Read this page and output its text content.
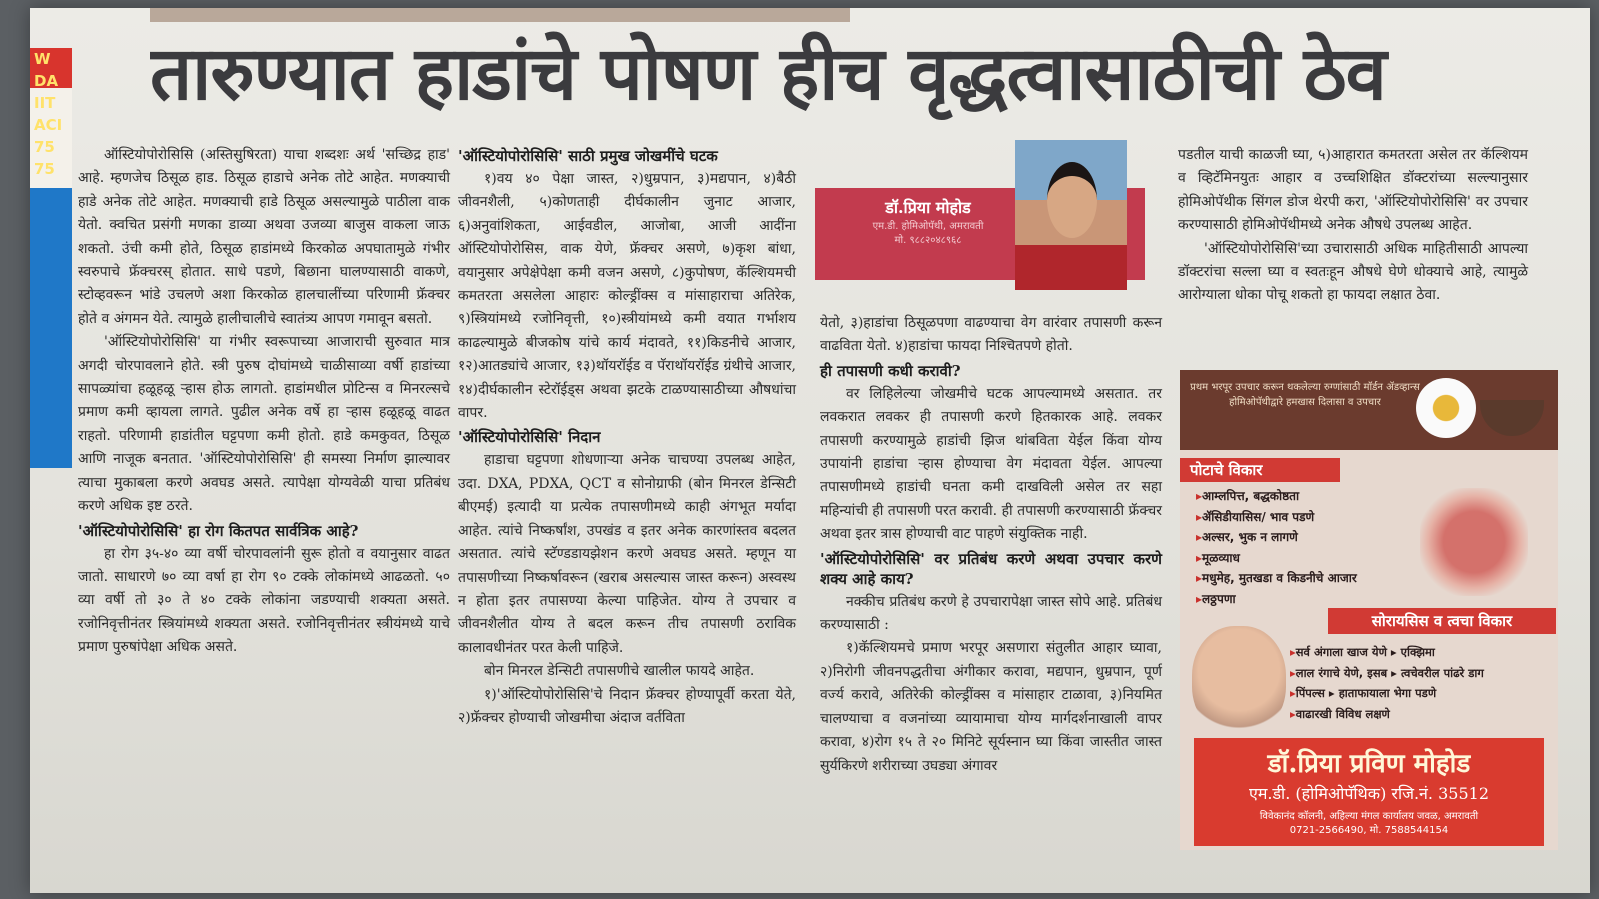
W
DA
IIT
ACI
75
75
तारुण्यात हाडांचे पोषण हीच वृद्धत्वासाठीची ठेव

ऑस्टियोपोरोसिसि (अस्तिसुषिरता) याचा शब्दशः अर्थ 'सच्छिद्र हाड' आहे. म्हणजेच ठिसूळ हाड. ठिसूळ हाडाचे अनेक तोटे आहेत. मणक्याची हाडे अनेक तोटे आहेत. मणक्याची हाडे ठिसूळ असल्यामुळे पाठीला वाक येतो. क्वचित प्रसंगी मणका डाव्या अथवा उजव्या बाजुस वाकला जाऊ शकतो. उंची कमी होते, ठिसूळ हाडांमध्ये किरकोळ अपघातामुळे गंभीर स्वरुपाचे फ्रॅक्चरस् होतात. साधे पडणे, बिछाना घालण्यासाठी वाकणे, स्टोव्हवरून भांडे उचलणे अशा किरकोळ हालचालींच्या परिणामी फ्रॅक्चर होते व अंगमन येते. त्यामुळे हालीचालीचे स्वातंत्र्य आपण गमावून बसतो.

'ऑस्टियोपोरोसिसि' या गंभीर स्वरूपाच्या आजाराची सुरुवात मात्र अगदी चोरपावलाने होते. स्त्री पुरुष दोघांमध्ये चाळीसाव्या वर्षी हाडांच्या सापळ्यांचा हळूहळू ऱ्हास होऊ लागतो. हाडांमधील प्रोटिन्स व मिनरल्सचे प्रमाण कमी व्हायला लागते. पुढील अनेक वर्षे हा ऱ्हास हळूहळू वाढत राहतो. परिणामी हाडांतील घट्टपणा कमी होतो. हाडे कमकुवत, ठिसूळ आणि नाजूक बनतात. 'ऑस्टियोपोरोसिसि' ही समस्या निर्माण झाल्यावर त्याचा मुकाबला करणे अवघड असते. त्यापेक्षा योग्यवेळी याचा प्रतिबंध करणे अधिक इष्ट ठरते.

'ऑस्टियोपोरोसिसि' हा रोग कितपत सार्वत्रिक आहे?

हा रोग ३५-४० व्या वर्षी चोरपावलांनी सुरू होतो व वयानुसार वाढत जातो. साधारणे ७० व्या वर्षा हा रोग ९० टक्के लोकांमध्ये आढळतो. ५० व्या वर्षी तो ३० ते ४० टक्के लोकांना जडण्याची शक्यता असते. रजोनिवृत्तीनंतर स्त्रियांमध्ये शक्यता असते. रजोनिवृत्तीनंतर स्त्रीयंमध्ये याचे प्रमाण पुरुषांपेक्षा अधिक असते.

'ऑस्टियोपोरोसिसि' साठी प्रमुख जोखमींचे घटक

१)वय ४० पेक्षा जास्त, २)धुम्रपान, ३)मद्यपान, ४)बैठी जीवनशैली, ५)कोणताही दीर्घकालीन जुनाट आजार, ६)अनुवांशिकता, आईवडील, आजोबा, आजी आदींना ऑस्टियोपोरोसिस, वाक येणे, फ्रॅक्चर असणे, ७)कृश बांधा, वयानुसार अपेक्षेपेक्षा कमी वजन असणे, ८)कुपोषण, कॅल्शियमची कमतरता असलेला आहारः कोल्ड्रींक्स व मांसाहाराचा अतिरेक, ९)स्त्रियांमध्ये रजोनिवृत्ती, १०)स्त्रीयांमध्ये कमी वयात गर्भाशय काढल्यामुळे बीजकोष यांचे कार्य मंदावते, ११)किडनीचे आजार, १२)आतड्यांचे आजार, १३)थॉयरॉईड व पॅराथॉयरॉईड ग्रंथीचे आजार, १४)दीर्घकालीन स्टेरॉईड्स अथवा झटके टाळण्यासाठीच्या औषधांचा वापर.

'ऑस्टियोपोरोसिसि' निदान

हाडाचा घट्टपणा शोधणाऱ्या अनेक चाचण्या उपलब्ध आहेत, उदा. DXA, PDXA, QCT व सोनोग्राफी (बोन मिनरल डेन्सिटी बीएमई) इत्यादी या प्रत्येक तपासणीमध्ये काही अंगभूत मर्यादा आहेत. त्यांचे निष्कर्षांश, उपखंड व इतर अनेक कारणांस्तव बदलत असतात. त्यांचे स्टॅण्डडायझेशन करणे अवघड असते. म्हणून या तपासणीच्या निष्कर्षावरून (खराब असल्यास जास्त करून) अस्वस्थ न होता इतर तपासण्या केल्या पाहिजेत. योग्य ते उपचार व जीवनशैलीत योग्य ते बदल करून तीच तपासणी ठराविक कालावधीनंतर परत केली पाहिजे.

बोन मिनरल डेन्सिटी तपासणीचे खालील फायदे आहेत.

१)'ऑस्टियोपोरोसिसि'चे निदान फ्रॅक्चर होण्यापूर्वी करता येते, २)फ्रॅक्चर होण्याची जोखमीचा अंदाज वर्तविता

डॉ.प्रिया मोहोड
एम.डी. होमिओपॅथी, अमरावती
मो. ९८८२०४८९६८

येतो, ३)हाडांचा ठिसूळपणा वाढण्याचा वेग वारंवार तपासणी करून वाढविता येतो. ४)हाडांचा फायदा निश्चितपणे होतो.

ही तपासणी कधी करावी?

वर लिहिलेल्या जोखमीचे घटक आपल्यामध्ये असतात. तर लवकरात लवकर ही तपासणी करणे हितकारक आहे. लवकर तपासणी करण्यामुळे हाडांची झिज थांबविता येईल किंवा योग्य उपायांनी हाडांचा ऱ्हास होण्याचा वेग मंदावता येईल. आपल्या तपासणीमध्ये हाडांची घनता कमी दाखविली असेल तर सहा महिन्यांची ही तपासणी परत करावी. ही तपासणी करण्यासाठी फ्रॅक्चर अथवा इतर त्रास होण्याची वाट पाहणे संयुक्तिक नाही.

'ऑस्टियोपोरोसिसि' वर प्रतिबंध करणे अथवा उपचार करणे शक्य आहे काय?

नक्कीच प्रतिबंध करणे हे उपचारापेक्षा जास्त सोपे आहे. प्रतिबंध करण्यासाठी :

१)कॅल्शियमचे प्रमाण भरपूर असणारा संतुलीत आहार घ्यावा, २)निरोगी जीवनपद्धतीचा अंगीकार करावा, मद्यपान, धुम्रपान, पूर्ण वर्ज्य करावे, अतिरेकी कोल्ड्रींक्स व मांसाहार टाळावा, ३)नियमित चालण्याचा व वजनांच्या व्यायामाचा योग्य मार्गदर्शनाखाली वापर करावा, ४)रोग १५ ते २० मिनिटे सूर्यस्नान घ्या किंवा जास्तीत जास्त सुर्यकिरणे शरीराच्या उघड्या अंगावर

पडतील याची काळजी घ्या, ५)आहारात कमतरता असेल तर कॅल्शियम व व्हिटॅमिनयुतः आहार व उच्चशिक्षित डॉक्टरांच्या सल्ल्यानुसार होमिओपॅथीक सिंगल डोज थेरपी करा, 'ऑस्टियोपोरोसिसि' वर उपचार करण्यासाठी होमिओपॅथीमध्ये अनेक औषधे उपलब्ध आहेत.

'ऑस्टियोपोरोसिसि'च्या उचारासाठी अधिक माहितीसाठी आपल्या डॉक्टरांचा सल्ला घ्या व स्वतःहून औषधे घेणे धोक्याचे आहे, त्यामुळे आरोग्याला धोका पोचू शकतो हा फायदा लक्षात ठेवा.

प्रथम भरपूर उपचार करून थकलेल्या रुग्णांसाठी मॉर्डन ॲडव्हान्स होमिओपॅथीद्वारे हमखास दिलासा व उपचार
पोटाचे विकार
▸ आम्लपित्त, बद्धकोष्ठता
▸ ॲसिडीयासिस/ भाव पडणे
▸ अल्सर, भुक न लागणे
▸ मूळव्याध
▸ मधुमेह, मुतखडा व किडनीचे आजार
▸ लठ्ठपणा
सोरायसिस व त्वचा विकार
▸ सर्व अंगाला खाज येणे ▸ एक्झिमा
▸ लाल रंगाचे येणे, इसब ▸ त्वचेवरील पांढरे डाग
▸ पिंपल्स ▸ हाताफायाला भेगा पडणे
▸ वाढारखी विविध लक्षणे
डॉ.प्रिया प्रविण मोहोड
एम.डी. (होमिओपॅथिक) रजि.नं. 35512
विवेकानंद कॉलनी, अहिल्या मंगल कार्यालय जवळ, अमरावती
0721-2566490, मो. 7588544154
